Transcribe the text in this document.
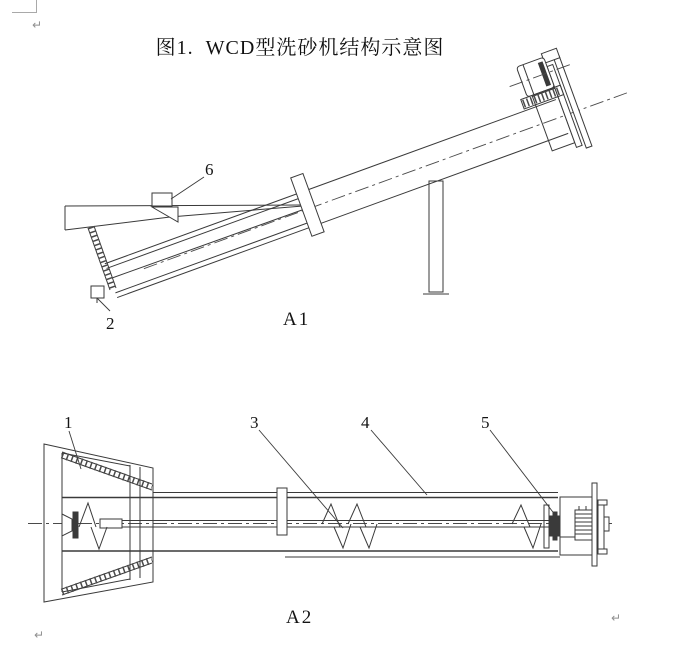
↵
↵
↵
图1.  WCD型洗砂机结构示意图
6
2	A1
1	3	4	5
A2
